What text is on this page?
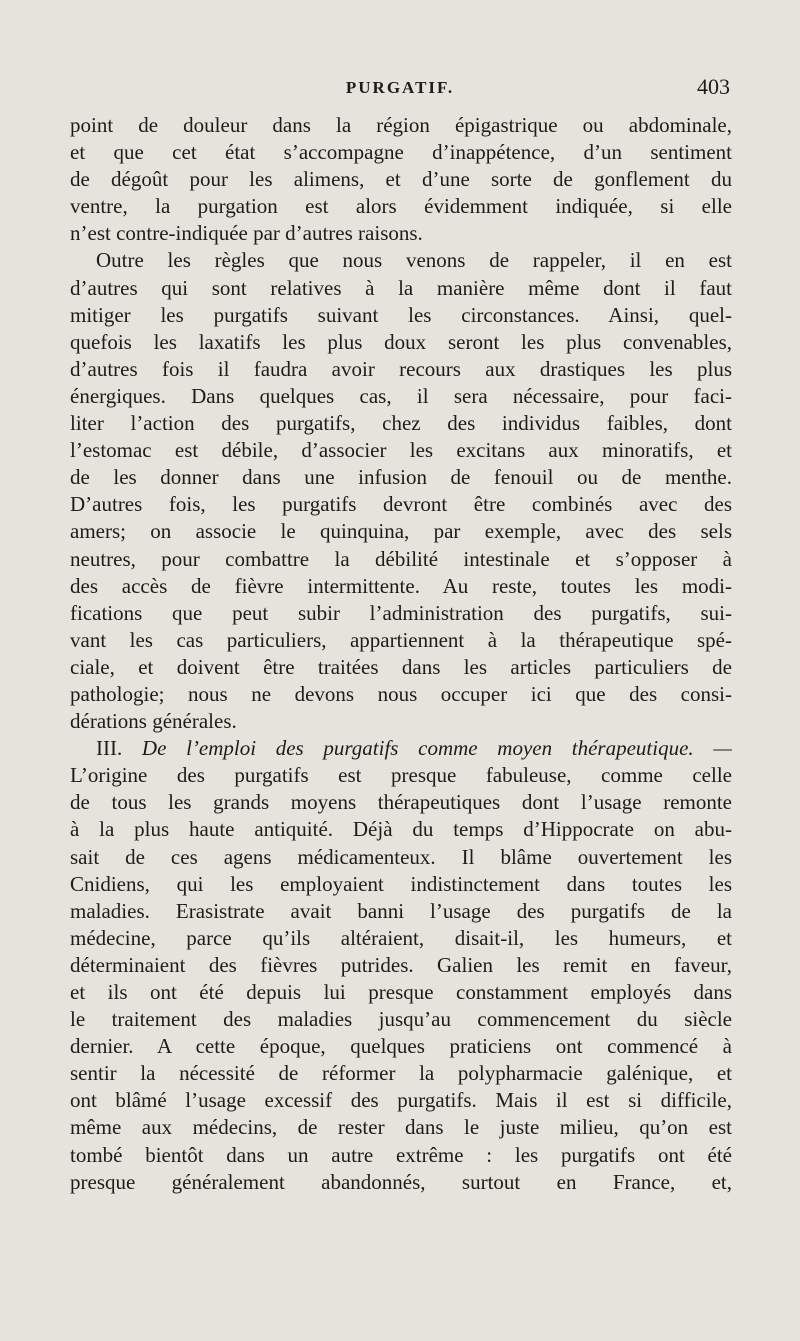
PURGATIF.	403
point de douleur dans la région épigastrique ou abdominale,
et que cet état s’accompagne d’inappétence, d’un sentiment
de dégoût pour les alimens, et d’une sorte de gonflement du
ventre, la purgation est alors évidemment indiquée, si elle
n’est contre-indiquée par d’autres raisons.
Outre les règles que nous venons de rappeler, il en est
d’autres qui sont relatives à la manière même dont il faut
mitiger les purgatifs suivant les circonstances. Ainsi, quel-
quefois les laxatifs les plus doux seront les plus convenables,
d’autres fois il faudra avoir recours aux drastiques les plus
énergiques. Dans quelques cas, il sera nécessaire, pour faci-
liter l’action des purgatifs, chez des individus faibles, dont
l’estomac est débile, d’associer les excitans aux minoratifs, et
de les donner dans une infusion de fenouil ou de menthe.
D’autres fois, les purgatifs devront être combinés avec des
amers; on associe le quinquina, par exemple, avec des sels
neutres, pour combattre la débilité intestinale et s’opposer à
des accès de fièvre intermittente. Au reste, toutes les modi-
fications que peut subir l’administration des purgatifs, sui-
vant les cas particuliers, appartiennent à la thérapeutique spé-
ciale, et doivent être traitées dans les articles particuliers de
pathologie; nous ne devons nous occuper ici que des consi-
dérations générales.
III. De l’emploi des purgatifs comme moyen thérapeutique. —
L’origine des purgatifs est presque fabuleuse, comme celle
de tous les grands moyens thérapeutiques dont l’usage remonte
à la plus haute antiquité. Déjà du temps d’Hippocrate on abu-
sait de ces agens médicamenteux. Il blâme ouvertement les
Cnidiens, qui les employaient indistinctement dans toutes les
maladies. Erasistrate avait banni l’usage des purgatifs de la
médecine, parce qu’ils altéraient, disait-il, les humeurs, et
déterminaient des fièvres putrides. Galien les remit en faveur,
et ils ont été depuis lui presque constamment employés dans
le traitement des maladies jusqu’au commencement du siècle
dernier. A cette époque, quelques praticiens ont commencé à
sentir la nécessité de réformer la polypharmacie galénique, et
ont blâmé l’usage excessif des purgatifs. Mais il est si difficile,
même aux médecins, de rester dans le juste milieu, qu’on est
tombé bientôt dans un autre extrême : les purgatifs ont été
presque généralement abandonnés, surtout en France, et,
